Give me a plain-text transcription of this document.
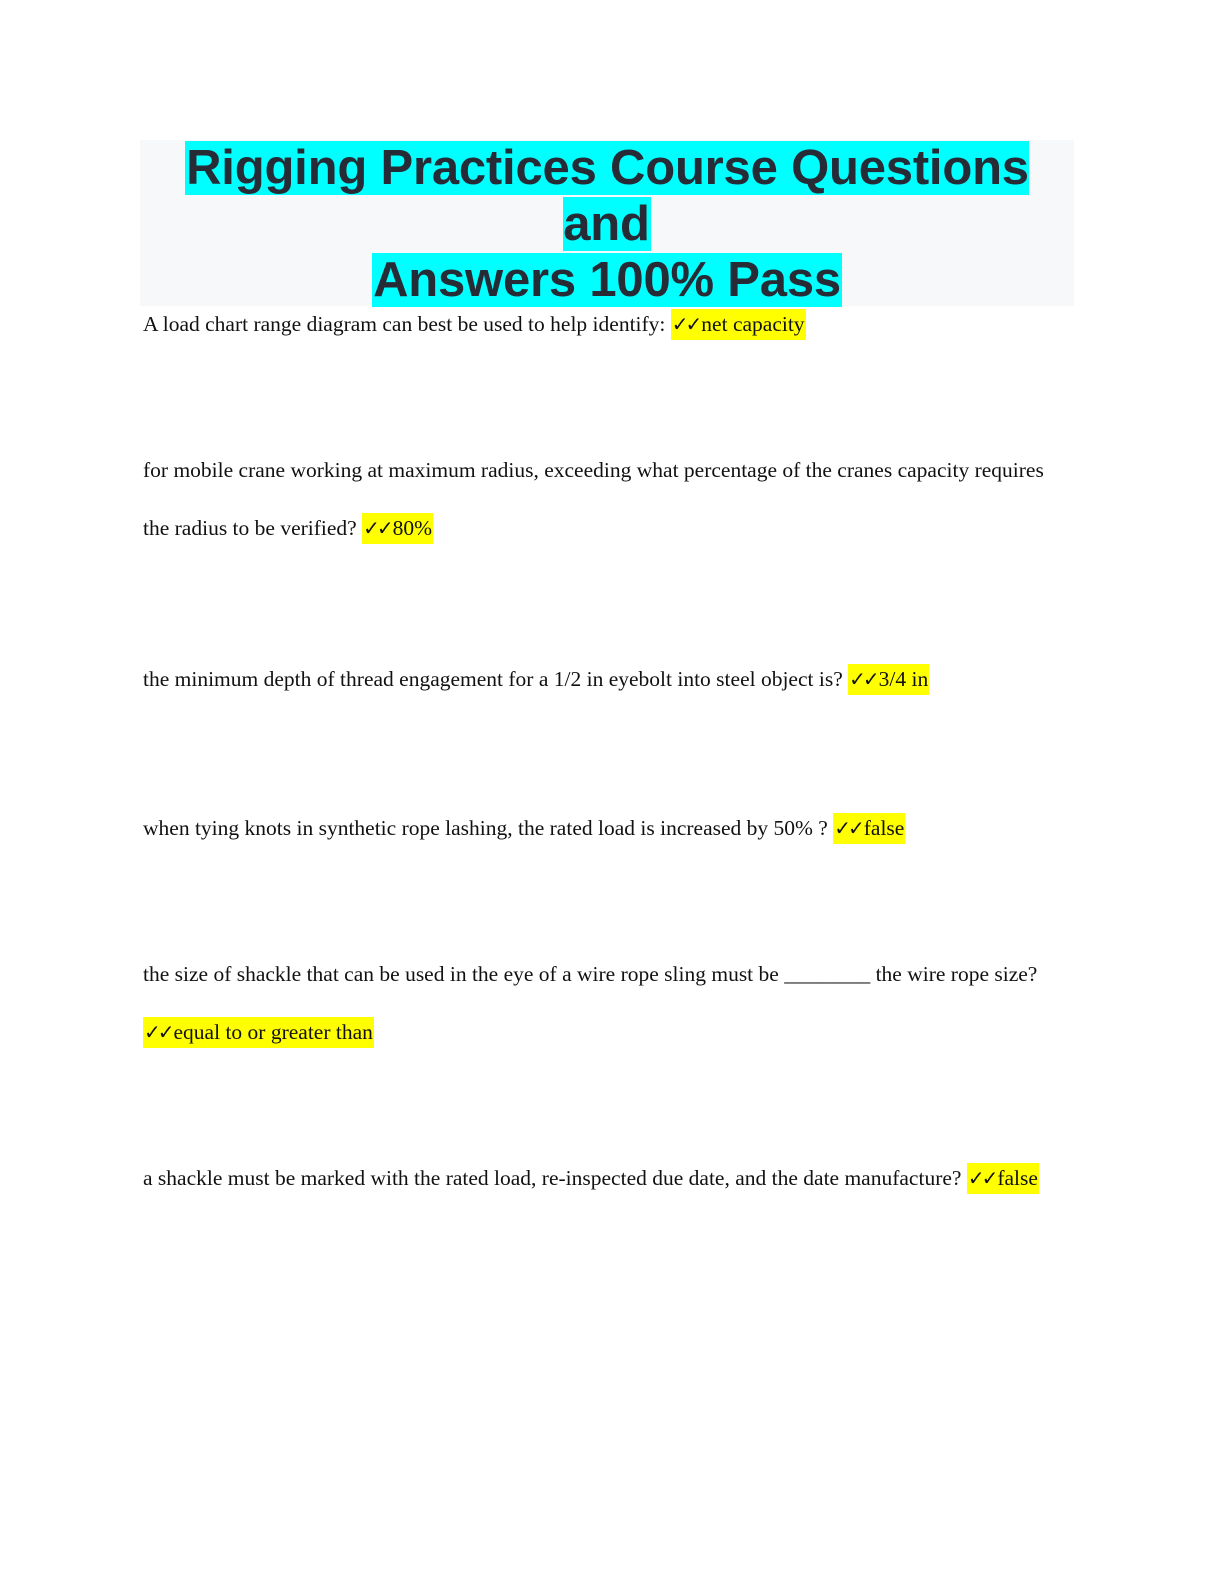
Rigging Practices Course Questions and
Answers 100% Pass
A load chart range diagram can best be used to help identify: ✓✓net capacity
for mobile crane working at maximum radius, exceeding what percentage of the cranes capacity requires the radius to be verified? ✓✓80%
the minimum depth of thread engagement for a 1/2 in eyebolt into steel object is? ✓✓3/4 in
when tying knots in synthetic rope lashing, the rated load is increased by 50% ? ✓✓false
the size of shackle that can be used in the eye of a wire rope sling must be ________ the wire rope size? ✓✓equal to or greater than
a shackle must be marked with the rated load, re-inspected due date, and the date manufacture? ✓✓false
